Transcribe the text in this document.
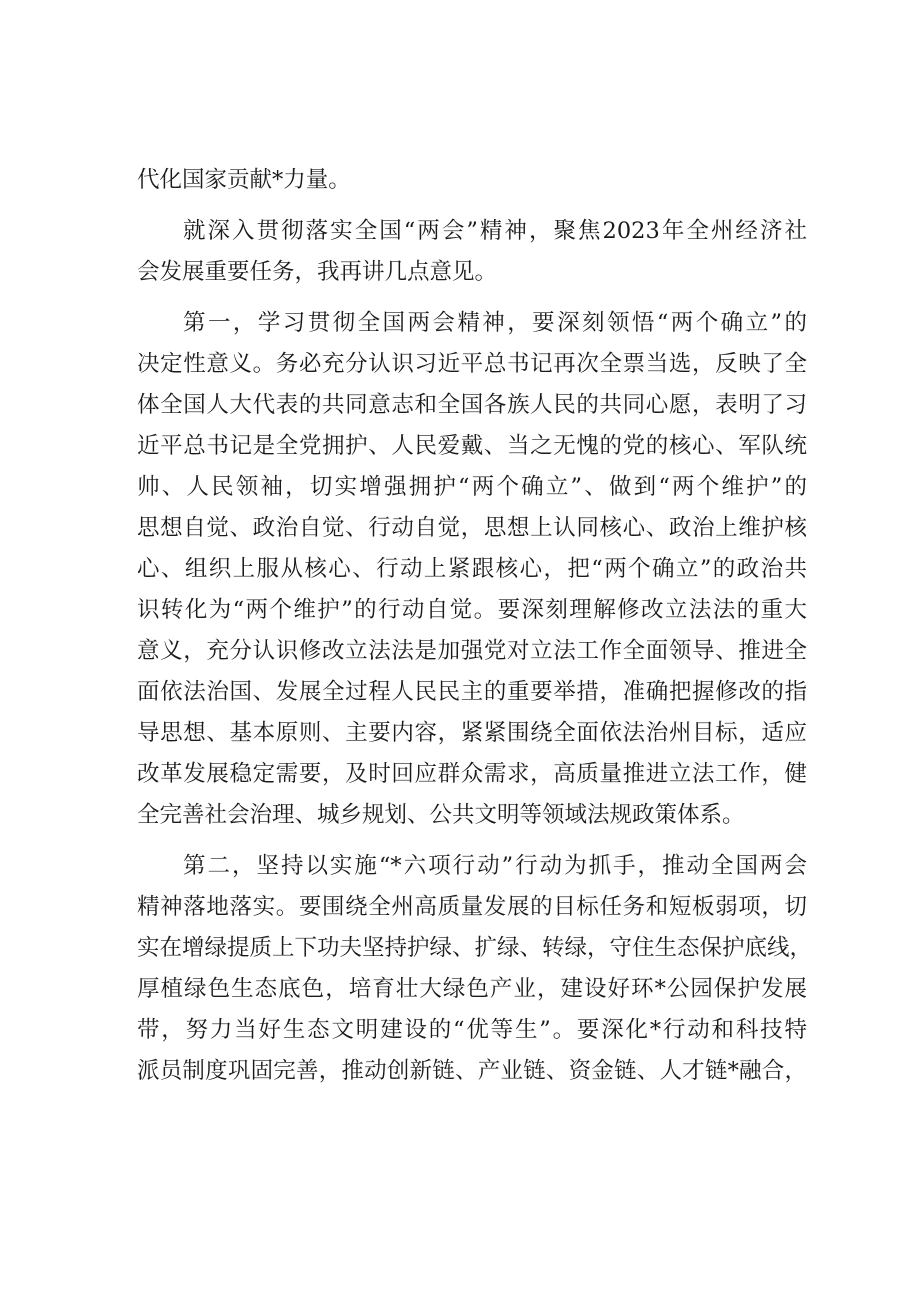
代化国家贡献*力量。
就深入贯彻落实全国“两会”精神，聚焦2023年全州经济社
会发展重要任务，我再讲几点意见。
第一，学习贯彻全国两会精神，要深刻领悟“两个确立”的
决定性意义。务必充分认识习近平总书记再次全票当选，反映了全
体全国人大代表的共同意志和全国各族人民的共同心愿，表明了习
近平总书记是全党拥护、人民爱戴、当之无愧的党的核心、军队统
帅、人民领袖，切实增强拥护“两个确立”、做到“两个维护”的
思想自觉、政治自觉、行动自觉，思想上认同核心、政治上维护核
心、组织上服从核心、行动上紧跟核心，把“两个确立”的政治共
识转化为“两个维护”的行动自觉。要深刻理解修改立法法的重大
意义，充分认识修改立法法是加强党对立法工作全面领导、推进全
面依法治国、发展全过程人民民主的重要举措，准确把握修改的指
导思想、基本原则、主要内容，紧紧围绕全面依法治州目标，适应
改革发展稳定需要，及时回应群众需求，高质量推进立法工作，健
全完善社会治理、城乡规划、公共文明等领域法规政策体系。
第二，坚持以实施“*六项行动”行动为抓手，推动全国两会
精神落地落实。要围绕全州高质量发展的目标任务和短板弱项，切
实在增绿提质上下功夫坚持护绿、扩绿、转绿，守住生态保护底线，
厚植绿色生态底色，培育壮大绿色产业，建设好环*公园保护发展
带，努力当好生态文明建设的“优等生”。要深化*行动和科技特
派员制度巩固完善，推动创新链、产业链、资金链、人才链*融合，
